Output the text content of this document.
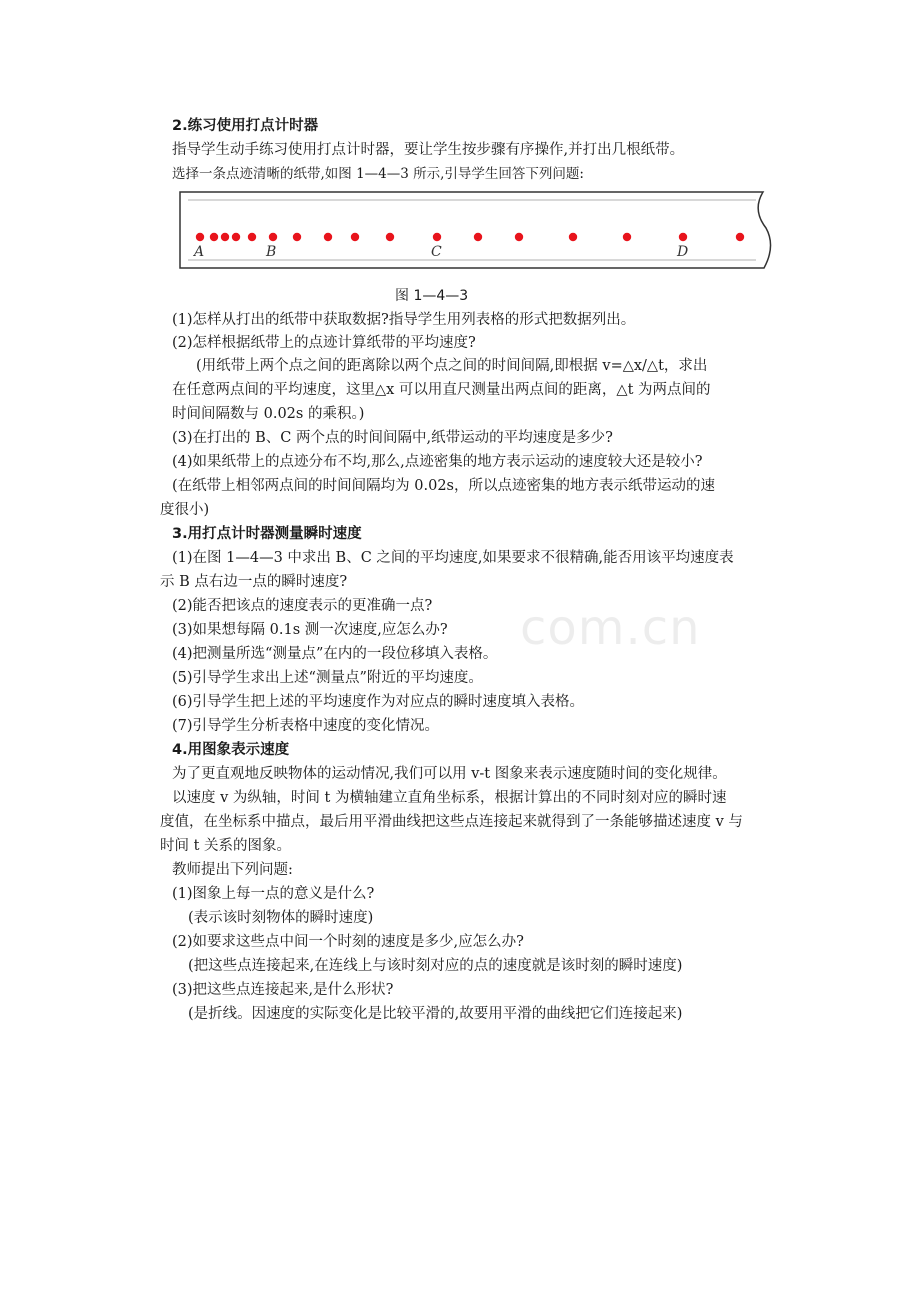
2.练习使用打点计时器
指导学生动手练习使用打点计时器，要让学生按步骤有序操作,并打出几根纸带。
选择一条点迹清晰的纸带,如图 1—4—3 所示,引导学生回答下列问题:
A	B	C	D
图 1—4—3
(1)怎样从打出的纸带中获取数据?指导学生用列表格的形式把数据列出。
(2)怎样根据纸带上的点迹计算纸带的平均速度?
(用纸带上两个点之间的距离除以两个点之间的时间间隔,即根据 v=△x/△t，求出
在任意两点间的平均速度，这里△x 可以用直尺测量出两点间的距离，△t 为两点间的
时间间隔数与 0.02s 的乘积。)
(3)在打出的 B、C 两个点的时间间隔中,纸带运动的平均速度是多少?
(4)如果纸带上的点迹分布不均,那么,点迹密集的地方表示运动的速度较大还是较小?
(在纸带上相邻两点间的时间间隔均为 0.02s，所以点迹密集的地方表示纸带运动的速
度很小)
3.用打点计时器测量瞬时速度
(1)在图 1—4—3 中求出 B、C 之间的平均速度,如果要求不很精确,能否用该平均速度表
示 B 点右边一点的瞬时速度?
(2)能否把该点的速度表示的更准确一点?
(3)如果想每隔 0.1s 测一次速度,应怎么办?
(4)把测量所选“测量点”在内的一段位移填入表格。
(5)引导学生求出上述“测量点”附近的平均速度。
(6)引导学生把上述的平均速度作为对应点的瞬时速度填入表格。
(7)引导学生分析表格中速度的变化情况。
4.用图象表示速度
为了更直观地反映物体的运动情况,我们可以用 v-t 图象来表示速度随时间的变化规律。
以速度 v 为纵轴，时间 t 为横轴建立直角坐标系，根据计算出的不同时刻对应的瞬时速
度值，在坐标系中描点，最后用平滑曲线把这些点连接起来就得到了一条能够描述速度 v 与
时间 t 关系的图象。
教师提出下列问题:
(1)图象上每一点的意义是什么?
(表示该时刻物体的瞬时速度)
(2)如要求这些点中间一个时刻的速度是多少,应怎么办?
(把这些点连接起来,在连线上与该时刻对应的点的速度就是该时刻的瞬时速度)
(3)把这些点连接起来,是什么形状?
(是折线。因速度的实际变化是比较平滑的,故要用平滑的曲线把它们连接起来)
com.cn
